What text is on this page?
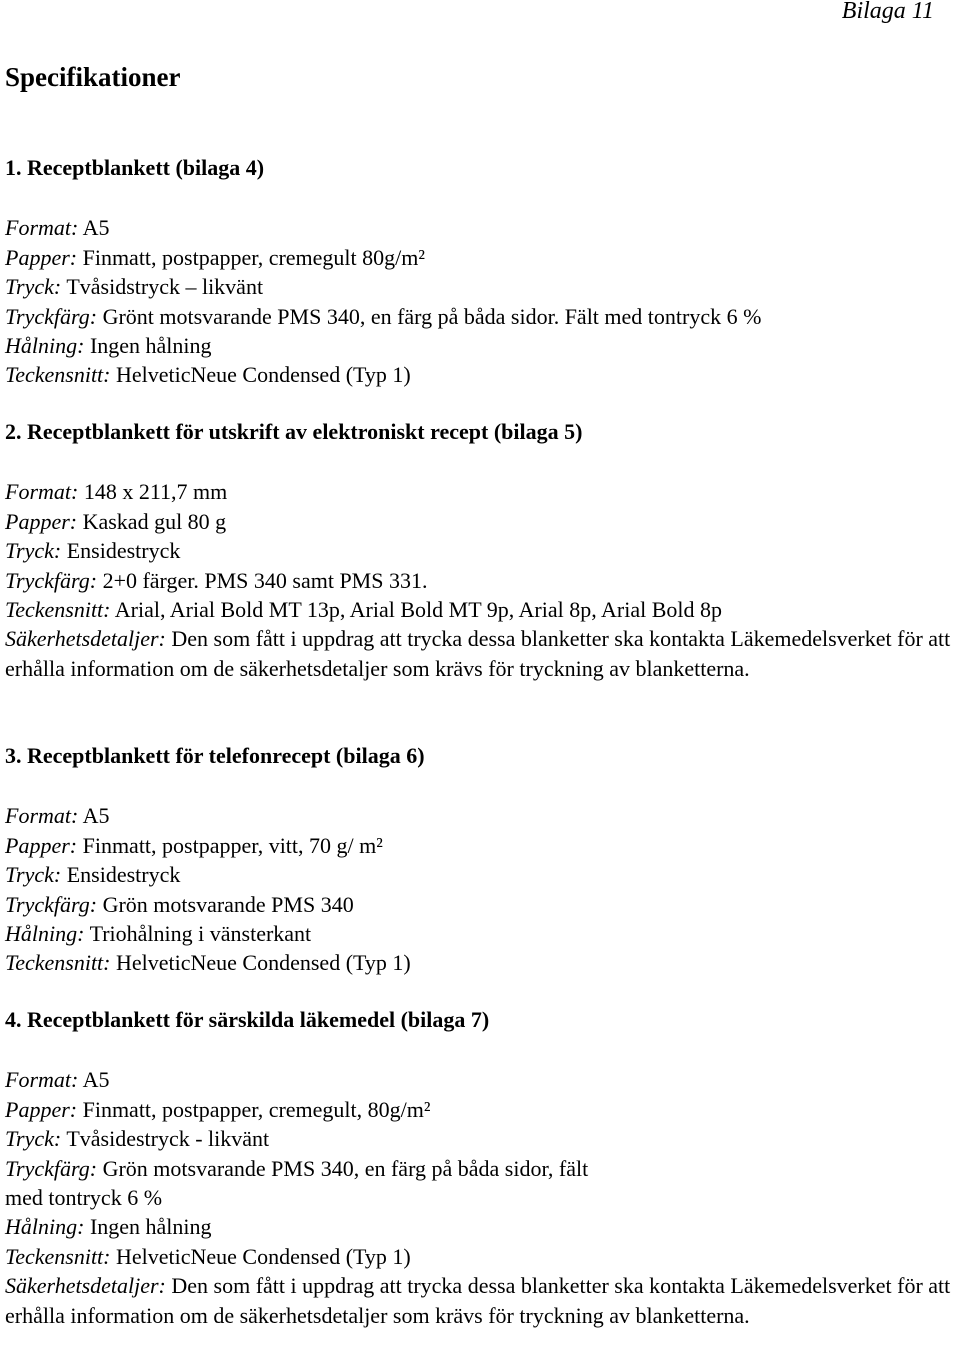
Bilaga 11

Specifikationer
1. Receptblankett (bilaga 4)
Format: A5
Papper: Finmatt, postpapper, cremegult 80g/m²
Tryck: Tvåsidstryck – likvänt
Tryckfärg: Grönt motsvarande PMS 340, en färg på båda sidor. Fält med tontryck 6 %
Hålning: Ingen hålning
Teckensnitt: HelveticNeue Condensed (Typ 1)
2. Receptblankett för utskrift av elektroniskt recept (bilaga 5)
Format: 148 x 211,7 mm
Papper: Kaskad gul 80 g
Tryck: Ensidestryck
Tryckfärg: 2+0 färger. PMS 340 samt PMS 331.
Teckensnitt: Arial, Arial Bold MT 13p, Arial Bold MT 9p, Arial 8p, Arial Bold 8p
Säkerhetsdetaljer: Den som fått i uppdrag att trycka dessa blanketter ska kontakta Läkemedelsverket för att erhålla information om de säkerhetsdetaljer som krävs för tryckning av blanketterna.
3. Receptblankett för telefonrecept (bilaga 6)
Format: A5
Papper: Finmatt, postpapper, vitt, 70 g/ m²
Tryck: Ensidestryck
Tryckfärg: Grön motsvarande PMS 340
Hålning: Triohålning i vänsterkant
Teckensnitt: HelveticNeue Condensed (Typ 1)
4. Receptblankett för särskilda läkemedel (bilaga 7)
Format: A5
Papper: Finmatt, postpapper, cremegult, 80g/m²
Tryck: Tvåsidestryck - likvänt
Tryckfärg: Grön motsvarande PMS 340, en färg på båda sidor, fält
med tontryck 6 %
Hålning: Ingen hålning
Teckensnitt: HelveticNeue Condensed (Typ 1)
Säkerhetsdetaljer: Den som fått i uppdrag att trycka dessa blanketter ska kontakta Läkemedelsverket för att erhålla information om de säkerhetsdetaljer som krävs för tryckning av blanketterna.
